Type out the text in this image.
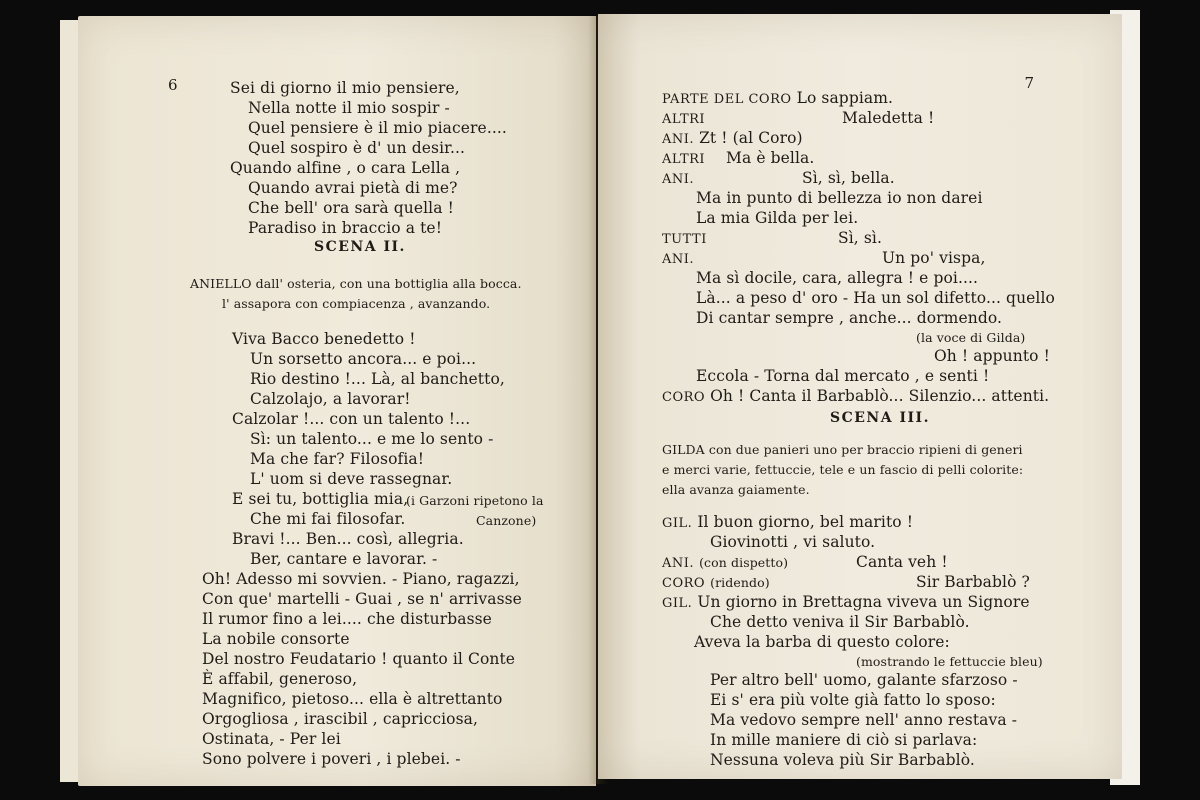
6	Sei di giorno il mio pensiere,
Nella notte il mio sospir -
Quel pensiere è il mio piacere....
Quel sospiro è d' un desir...
Quando alfine , o cara Lella ,
Quando avrai pietà di me?
Che bell' ora sarà quella !
Paradiso in braccio a te!
SCENA II.
ANIELLO dall' osteria, con una bottiglia alla bocca.
l' assapora con compiacenza , avanzando.
Viva Bacco benedetto !
Un sorsetto ancora... e poi...
Rio destino !... Là, al banchetto,
Calzolajo, a lavorar!
Calzolar !... con un talento !...
Sì: un talento... e me lo sento -
Ma che far? Filosofia!
L' uom si deve rassegnar.
E sei tu, bottiglia mia,
(i Garzoni ripetono la
Che mi fai filosofar.	Canzone)
Bravi !... Ben... così, allegria.
Ber, cantare e lavorar. -
Oh! Adesso mi sovvien. - Piano, ragazzi,
Con que' martelli - Guai , se n' arrivasse
Il rumor fino a lei.... che disturbasse
La nobile consorte
Del nostro Feudatario ! quanto il Conte
È affabil, generoso,
Magnifico, pietoso... ella è altrettanto
Orgogliosa , irascibil , capricciosa,
Ostinata, - Per lei
Sono polvere i poveri , i plebei. -
7
PARTE DEL CORO Lo sappiam.
ALTRI	Maledetta !
ANI. Zt ! (al Coro)
ALTRI Ma è bella.
ANI.	Sì, sì, bella.
Ma in punto di bellezza io non darei
La mia Gilda per lei.
TUTTI	Sì, sì.
ANI.	Un po' vispa,
Ma sì docile, cara, allegra ! e poi....
Là... a peso d' oro - Ha un sol difetto... quello
Di cantar sempre , anche... dormendo.
(la voce di Gilda)
Oh ! appunto !
Eccola - Torna dal mercato , e senti !
CORO Oh ! Canta il Barbablò... Silenzio... attenti.
SCENA III.
GILDA con due panieri uno per braccio ripieni di generi
e merci varie, fettuccie, tele e un fascio di pelli colorite:
ella avanza gaiamente.
GIL. Il buon giorno, bel marito !
Giovinotti , vi saluto.
ANI. (con dispetto)	Canta veh !
CORO (ridendo)	Sir Barbablò ?
GIL. Un giorno in Brettagna viveva un Signore
Che detto veniva il Sir Barbablò.
Aveva la barba di questo colore:
(mostrando le fettuccie bleu)
Per altro bell' uomo, galante sfarzoso -
Ei s' era più volte già fatto lo sposo:
Ma vedovo sempre nell' anno restava -
In mille maniere di ciò si parlava:
Nessuna voleva più Sir Barbablò.
